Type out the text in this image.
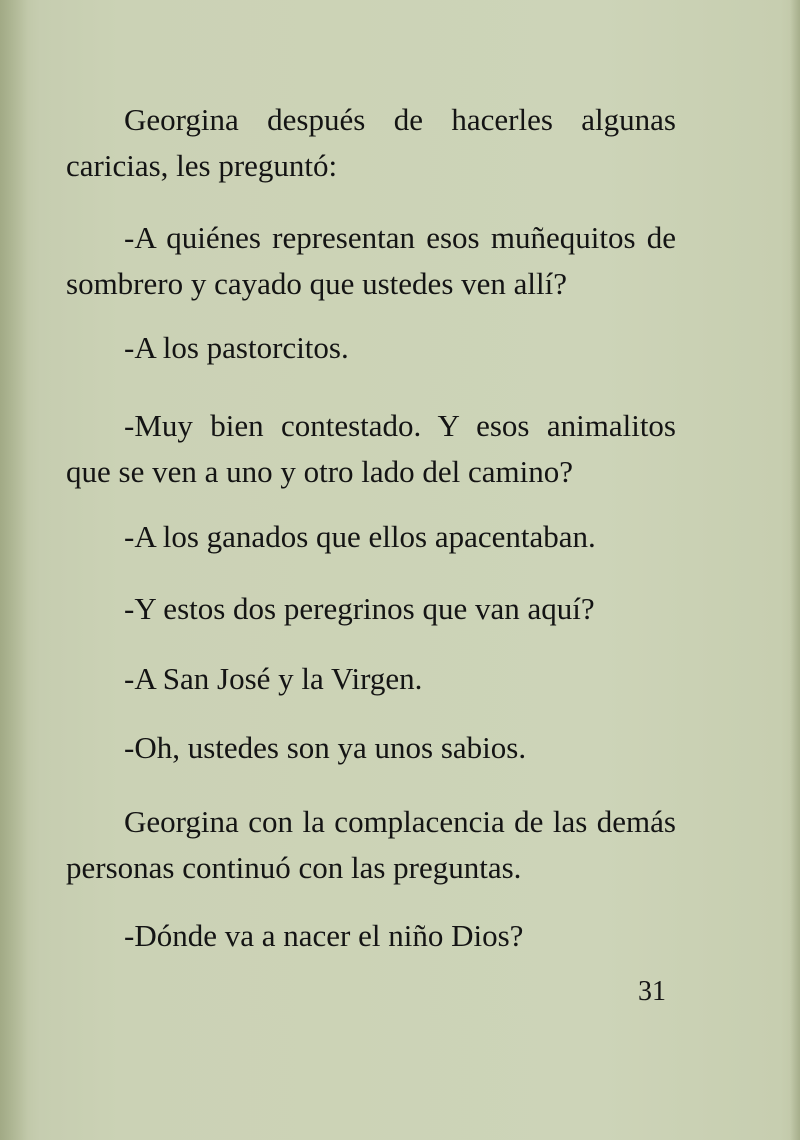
Georgina después de hacerles algunas caricias, les preguntó:

-A quiénes representan esos muñequitos de sombrero y cayado que ustedes ven allí?

-A los pastorcitos.

-Muy bien contestado. Y esos animalitos que se ven a uno y otro lado del camino?

-A los ganados que ellos apacentaban.

-Y estos dos peregrinos que van aquí?

-A San José y la Virgen.

-Oh, ustedes son ya unos sabios.

Georgina con la complacencia de las demás personas continuó con las preguntas.

-Dónde va a nacer el niño Dios?

31
